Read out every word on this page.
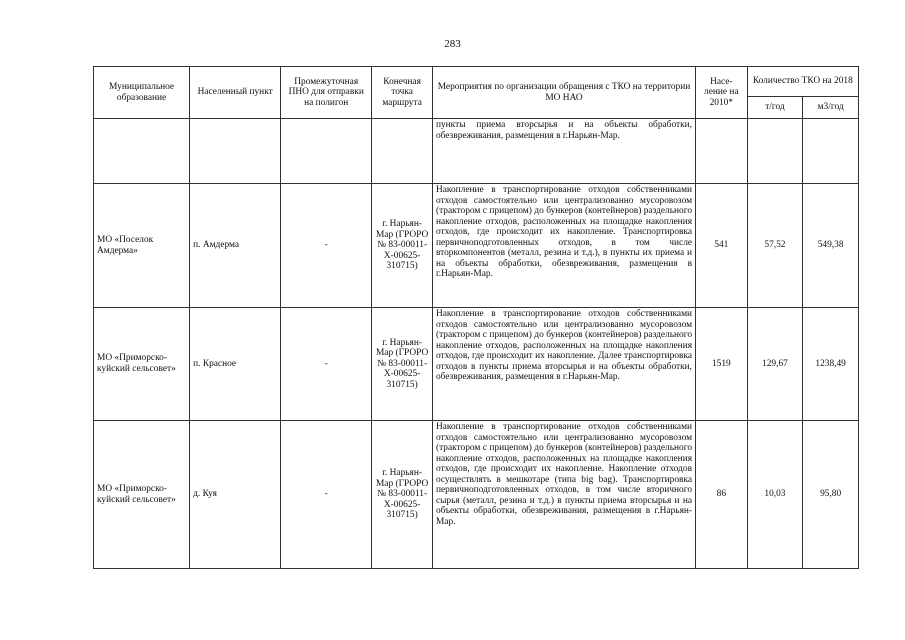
283
Муниципальное образование	Населенный пункт	Промежуточная ПНО для отправки на полигон	Конечная точка маршрута	Мероприятия по организации обращения с ТКО на территории МО НАО	Насе-ление на 2010*	Количество ТКО на 2018	
						т/год	м3/год
				пункты приема вторсырья и на объекты обработки, обезвреживания, размещения в г.Нарьян-Мар.			
МО «Поселок Амдерма»	п. Амдерма	-	г. Нарьян-Мар (ГРОРО № 83-00011-Х-00625-310715)	Накопление в транспортирование отходов собственниками отходов самостоятельно или централизованно мусоровозом (трактором с прицепом) до бункеров (контейнеров) раздельного накопление отходов, расположенных на площадке накопления отходов, где происходит их накопление. Транспортировка первичноподготовленных отходов, в том числе вторкомпонентов (металл, резина и т.д.), в пункты их приема и на объекты обработки, обезвреживания, размещения в г.Нарьян-Мар.	541	57,52	549,38
МО «Приморско-куйский сельсовет»	п. Красное	-	г. Нарьян-Мар (ГРОРО № 83-00011-Х-00625-310715)	Накопление в транспортирование отходов собственниками отходов самостоятельно или централизованно мусоровозом (трактором с прицепом) до бункеров (контейнеров) раздельного накопление отходов, расположенных на площадке накопления отходов, где происходит их накопление. Далее транспортировка отходов в пункты приема вторсырья и на объекты обработки, обезвреживания, размещения в г.Нарьян-Мар.	1519	129,67	1238,49
МО «Приморско-куйский сельсовет»	д. Куя	-	г. Нарьян-Мар (ГРОРО № 83-00011-Х-00625-310715)	Накопление в транспортирование отходов собственниками отходов самостоятельно или централизованно мусоровозом (трактором с прицепом) до бункеров (контейнеров) раздельного накопление отходов, расположенных на площадке накопления отходов, где происходит их накопление. Накопление отходов осуществлять в мешкотаре (типа big bag). Транспортировка первичноподготовленных отходов, в том числе вторичного сырья (металл, резина и т.д.) в пункты приема вторсырья и на объекты обработки, обезвреживания, размещения в г.Нарьян-Мар.	86	10,03	95,80
